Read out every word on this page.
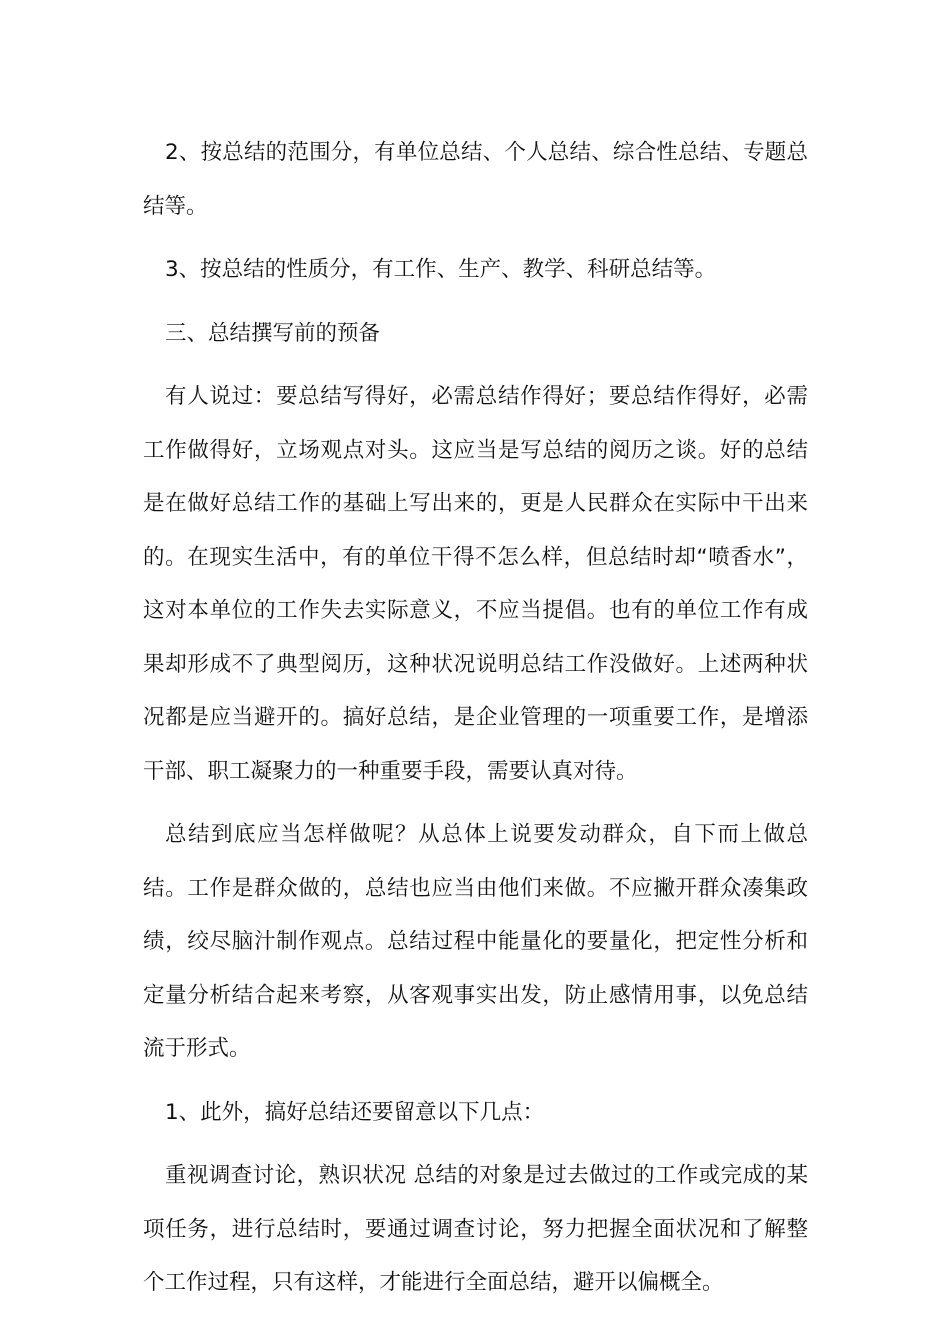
2、按总结的范围分，有单位总结、个人总结、综合性总结、专题总结等。

3、按总结的性质分，有工作、生产、教学、科研总结等。

三、总结撰写前的预备

有人说过：要总结写得好，必需总结作得好；要总结作得好，必需工作做得好，立场观点对头。这应当是写总结的阅历之谈。好的总结是在做好总结工作的基础上写出来的，更是人民群众在实际中干出来的。在现实生活中，有的单位干得不怎么样，但总结时却“喷香水”，这对本单位的工作失去实际意义，不应当提倡。也有的单位工作有成果却形成不了典型阅历，这种状况说明总结工作没做好。上述两种状况都是应当避开的。搞好总结，是企业管理的一项重要工作，是增添干部、职工凝聚力的一种重要手段，需要认真对待。

总结到底应当怎样做呢？从总体上说要发动群众，自下而上做总结。工作是群众做的，总结也应当由他们来做。不应撇开群众凑集政绩，绞尽脑汁制作观点。总结过程中能量化的要量化，把定性分析和定量分析结合起来考察，从客观事实出发，防止感情用事，以免总结流于形式。

1、此外，搞好总结还要留意以下几点：

重视调查讨论，熟识状况 总结的对象是过去做过的工作或完成的某项任务，进行总结时，要通过调查讨论，努力把握全面状况和了解整个工作过程，只有这样，才能进行全面总结，避开以偏概全。
